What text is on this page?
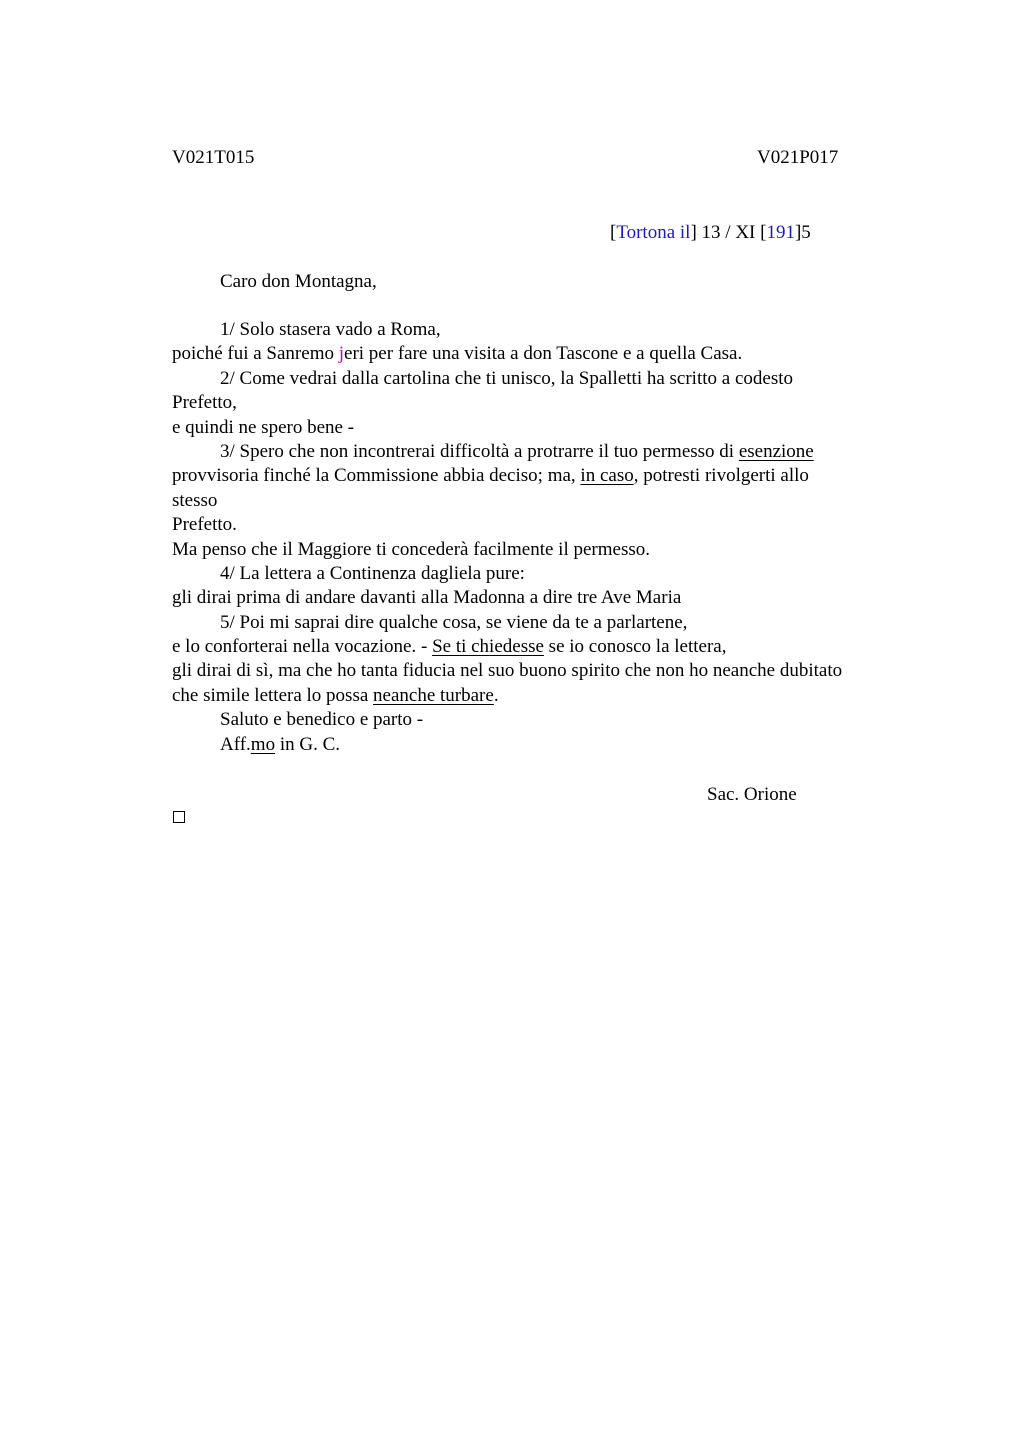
V021T015	V021P017
[Tortona il] 13 / XI [191]5
Caro don Montagna,
1/ Solo stasera vado a Roma,
poiché fui a Sanremo jeri per fare una visita a don Tascone e a quella Casa.
2/ Come vedrai dalla cartolina che ti unisco, la Spalletti ha scritto a codesto
Prefetto,
e quindi ne spero bene -
3/ Spero che non incontrerai difficoltà a protrarre il tuo permesso di esenzione
provvisoria finché la Commissione abbia deciso; ma, in caso, potresti rivolgerti allo
stesso
Prefetto.
Ma penso che il Maggiore ti concederà facilmente il permesso.
4/ La lettera a Continenza dagliela pure:
gli dirai prima di andare davanti alla Madonna a dire tre Ave Maria
5/ Poi mi saprai dire qualche cosa, se viene da te a parlartene,
e lo conforterai nella vocazione. - Se ti chiedesse se io conosco la lettera,
gli dirai di sì, ma che ho tanta fiducia nel suo buono spirito che non ho neanche dubitato
che simile lettera lo possa neanche turbare.
Saluto e benedico e parto -
Aff.mo in G. C.
Sac. Orione
